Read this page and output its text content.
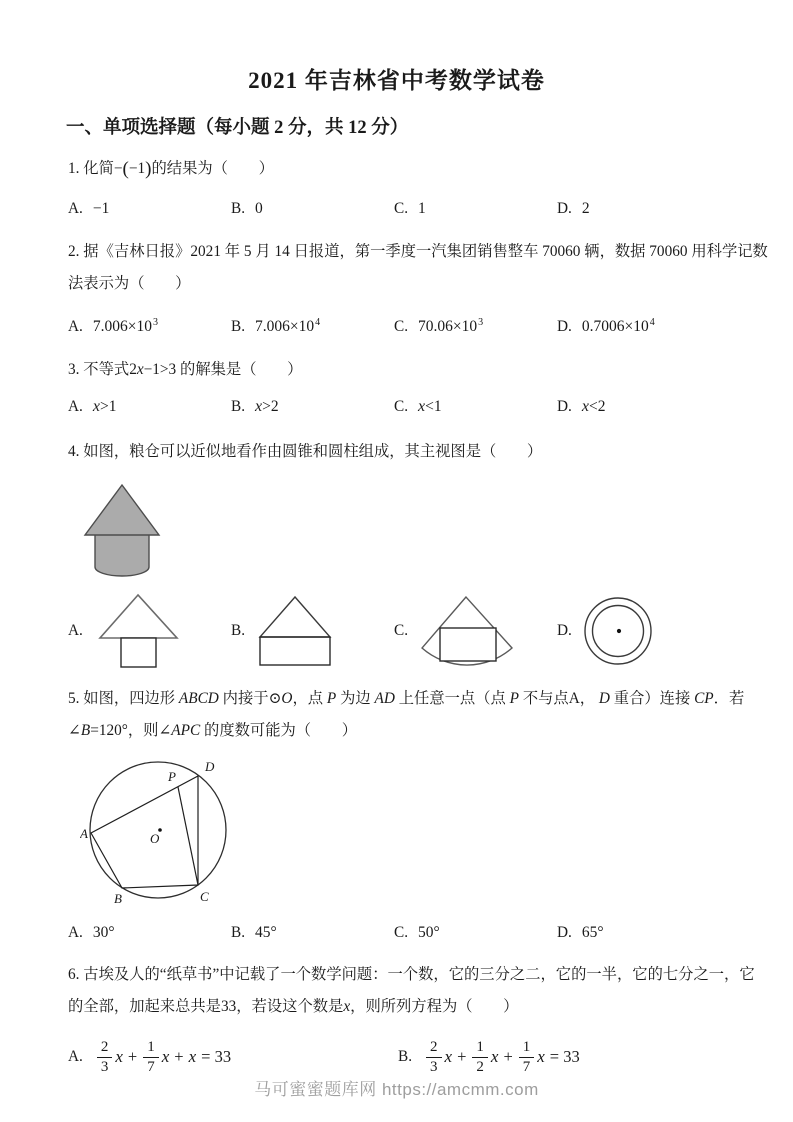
2021 年吉林省中考数学试卷
一、单项选择题（每小题 2 分，共 12 分）

1. 化简−(−1)的结果为（　　）

A. −1	B. 0	C. 1	D. 2

2. 据《吉林日报》2021 年 5 月 14 日报道，第一季度一汽集团销售整车 70060 辆，数据 70060 用科学记数

法表示为（　　）

A. $7.006\times 10^3$	B. $7.006\times 10^4$	C. $70.06\times 10^3$	D. $0.7006\times 10^4$

3. 不等式2x−1>3 的解集是（　　）

A. x>1	B. x>2	C. x<1	D. x<2

4. 如图，粮仓可以近似地看作由圆锥和圆柱组成，其主视图是（　　）

A.	B.	C.	D.

5. 如图，四边形 ABCD 内接于⊙O，点 P 为边 AD 上任意一点（点 P 不与点A， D 重合）连接 CP．若

∠B=120°，则∠APC 的度数可能为（　　）

A
B	C
D
P
O
A. 30°	B. 45°	C. 50°	D. 65°

6. 古埃及人的“纸草书”中记载了一个数学问题：一个数，它的三分之二，它的一半，它的七分之一，它

的全部，加起来总共是33，若设这个数是x，则所列方程为（　　）

A. $\frac{2}{3}$ $x + \frac{1}{7}$ x + x = 33	B. $\frac{2}{3}$ $x + \frac{1}{2}$ $x + \frac{1}{7}$ x = 33
马可蜜蜜题库网 https://amcmm.com
